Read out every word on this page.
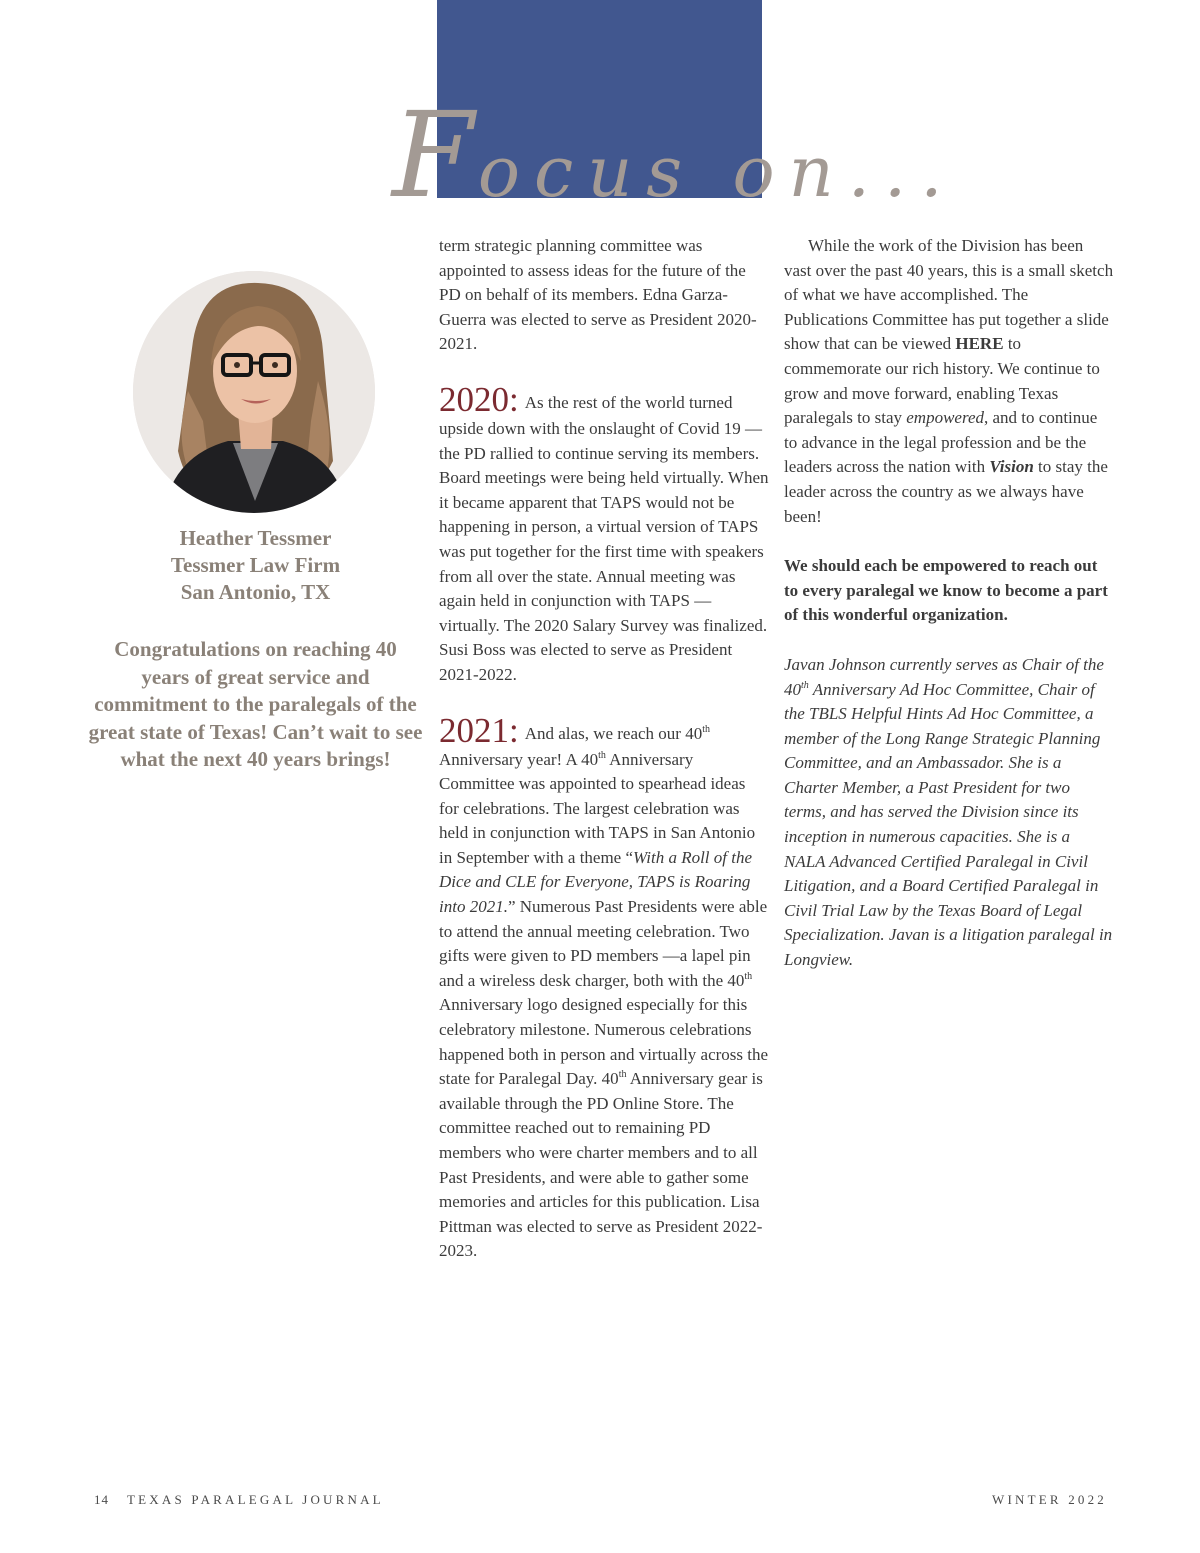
Focus on...

Heather Tessmer

Tessmer Law Firm

San Antonio, TX

Congratulations on reaching 40 years of great service and commitment to the paralegals of the great state of Texas! Can’t wait to see what the next 40 years brings!

term strategic planning committee was appointed to assess ideas for the future of the PD on behalf of its members. Edna Garza-Guerra was elected to serve as President 2020-2021.

2020: As the rest of the world turned upside down with the onslaught of Covid 19 —the PD rallied to continue serving its members. Board meetings were being held virtually. When it became apparent that TAPS would not be happening in person, a virtual version of TAPS was put together for the first time with speakers from all over the state. Annual meeting was again held in conjunction with TAPS —virtually. The 2020 Salary Survey was finalized. Susi Boss was elected to serve as President 2021-2022.

2021: And alas, we reach our 40th Anniversary year! A 40th Anniversary Committee was appointed to spearhead ideas for celebrations. The largest celebration was held in conjunction with TAPS in San Antonio in September with a theme “With a Roll of the Dice and CLE for Everyone, TAPS is Roaring into 2021.” Numerous Past Presidents were able to attend the annual meeting celebration. Two gifts were given to PD members —a lapel pin and a wireless desk charger, both with the 40th Anniversary logo designed especially for this celebratory milestone. Numerous celebrations happened both in person and virtually across the state for Paralegal Day. 40th Anniversary gear is available through the PD Online Store. The committee reached out to remaining PD members who were charter members and to all Past Presidents, and were able to gather some memories and articles for this publication. Lisa Pittman was elected to serve as President 2022-2023.

While the work of the Division has been vast over the past 40 years, this is a small sketch of what we have accomplished. The Publications Committee has put together a slide show that can be viewed HERE to commemorate our rich history. We continue to grow and move forward, enabling Texas paralegals to stay empowered, and to continue to advance in the legal profession and be the leaders across the nation with Vision to stay the leader across the country as we always have been!

We should each be empowered to reach out to every paralegal we know to become a part of this wonderful organization.

Javan Johnson currently serves as Chair of the 40th Anniversary Ad Hoc Committee, Chair of the TBLS Helpful Hints Ad Hoc Committee, a member of the Long Range Strategic Planning Committee, and an Ambassador. She is a Charter Member, a Past President for two terms, and has served the Division since its inception in numerous capacities. She is a NALA Advanced Certified Paralegal in Civil Litigation, and a Board Certified Paralegal in Civil Trial Law by the Texas Board of Legal Specialization. Javan is a litigation paralegal in Longview.

14 TEXAS PARALEGAL JOURNAL	WINTER 2022
